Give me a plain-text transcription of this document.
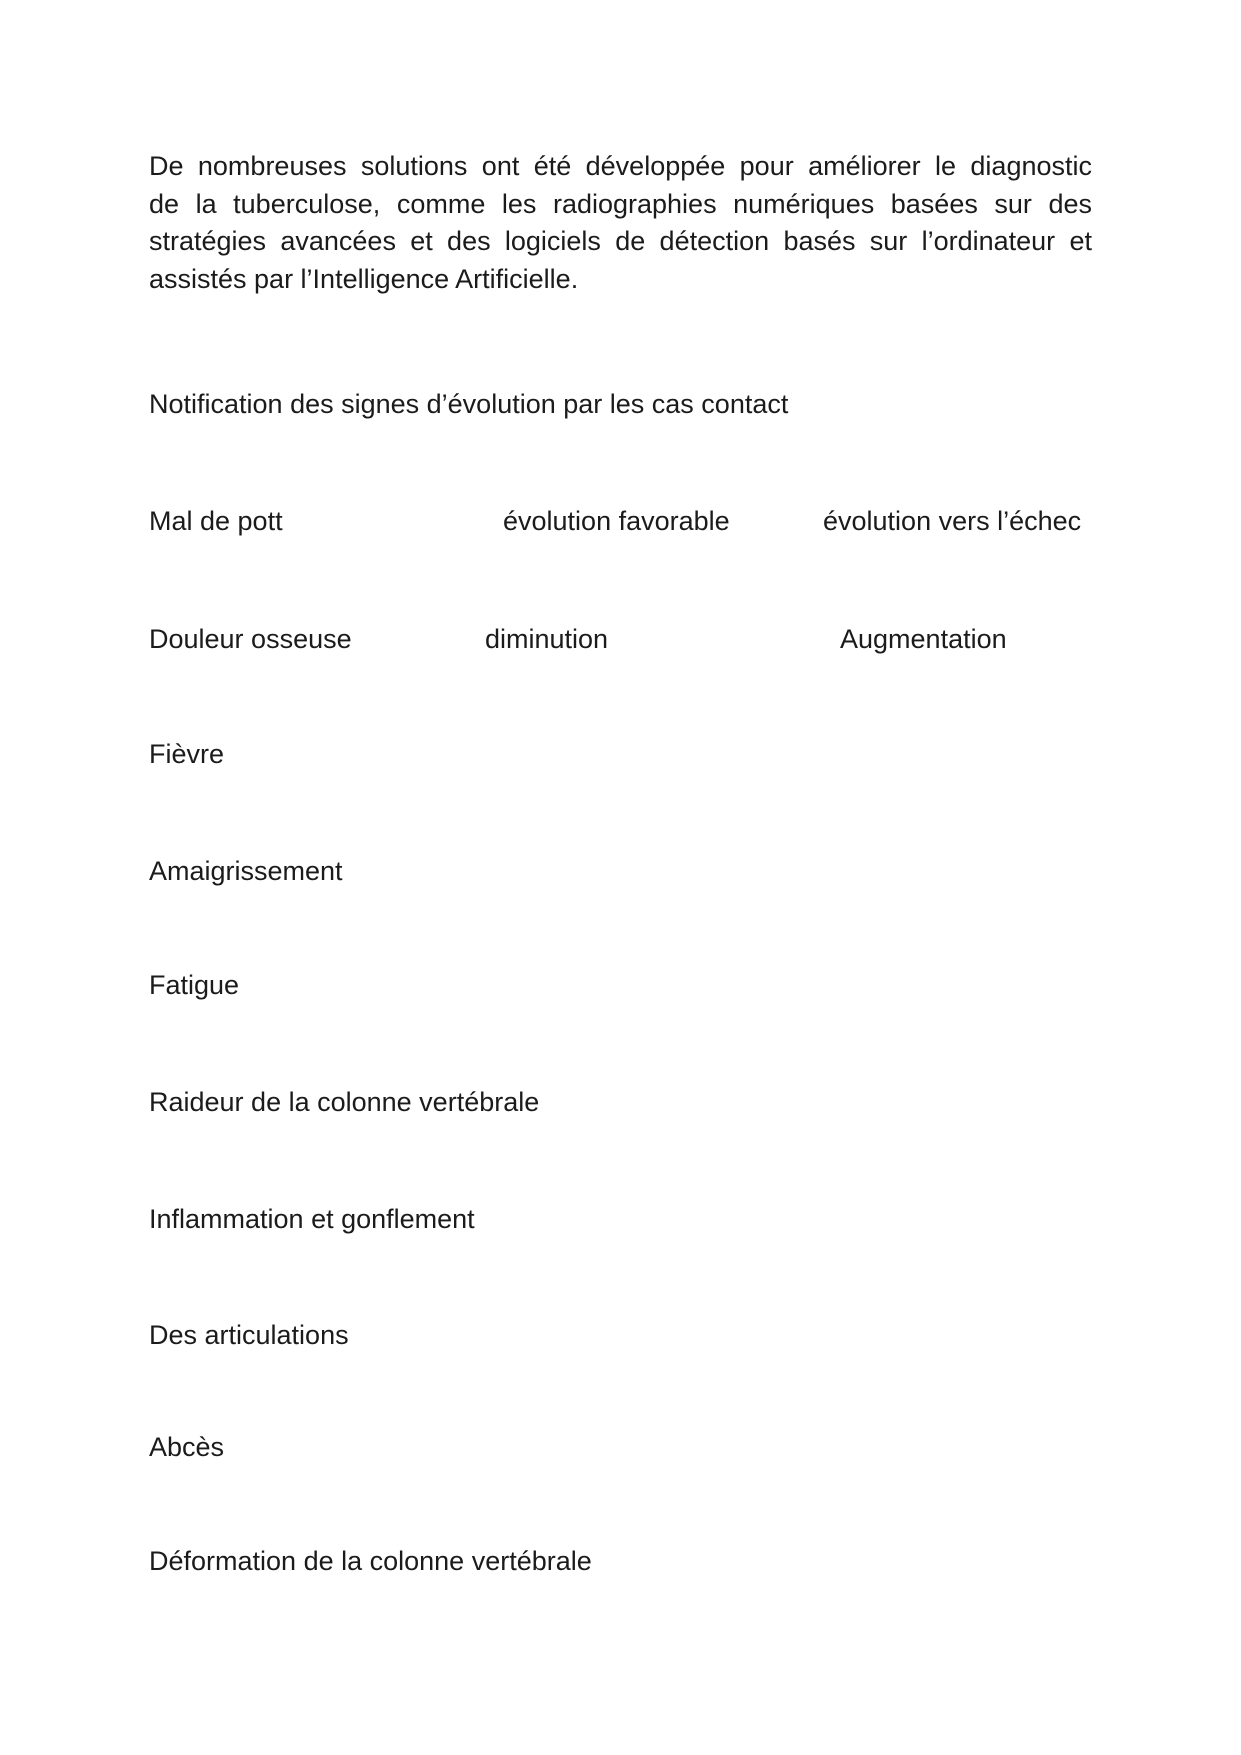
De nombreuses solutions ont été développée pour améliorer le diagnostic
de la tuberculose, comme les radiographies numériques basées sur des
stratégies avancées et des logiciels de détection basés sur l’ordinateur et
assistés par l’Intelligence Artificielle.
Notification des signes d’évolution par les cas contact
Mal de pott	évolution favorable	évolution vers l’échec
Douleur osseuse	diminution	Augmentation
Fièvre
Amaigrissement
Fatigue
Raideur de la colonne vertébrale
Inflammation et gonflement
Des articulations
Abcès
Déformation de la colonne vertébrale
